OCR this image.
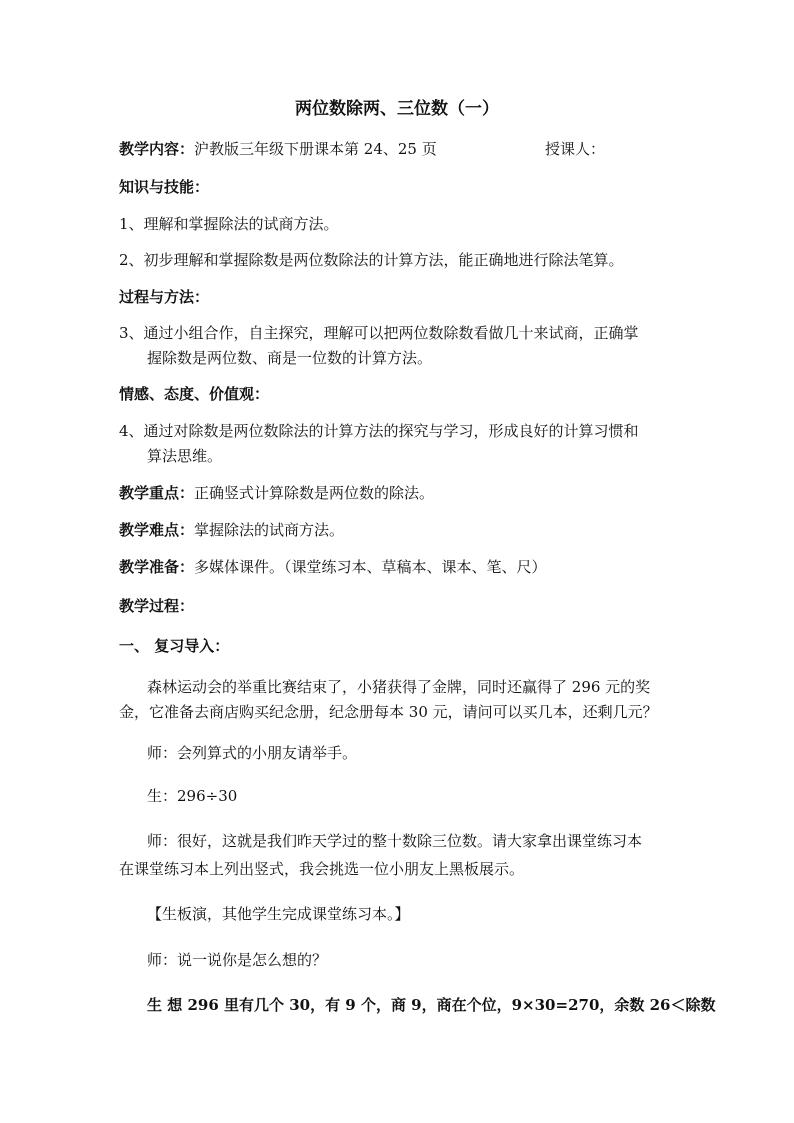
两位数除两、三位数（一）
教学内容：沪教版三年级下册课本第 24、25 页	授课人：
知识与技能：
1、理解和掌握除法的试商方法。
2、初步理解和掌握除数是两位数除法的计算方法，能正确地进行除法笔算。
过程与方法：
3、通过小组合作，自主探究，理解可以把两位数除数看做几十来试商，正确掌
握除数是两位数、商是一位数的计算方法。
情感、态度、价值观：
4、通过对除数是两位数除法的计算方法的探究与学习，形成良好的计算习惯和
算法思维。
教学重点：正确竖式计算除数是两位数的除法。
教学难点：掌握除法的试商方法。
教学准备：多媒体课件。（课堂练习本、草稿本、课本、笔、尺）
教学过程：
一、 复习导入：
森林运动会的举重比赛结束了，小猪获得了金牌，同时还赢得了 296 元的奖
金，它准备去商店购买纪念册，纪念册每本 30 元，请问可以买几本，还剩几元？
师：会列算式的小朋友请举手。
生：296÷30
师：很好，这就是我们昨天学过的整十数除三位数。请大家拿出课堂练习本
在课堂练习本上列出竖式，我会挑选一位小朋友上黑板展示。
【生板演，其他学生完成课堂练习本。】
师：说一说你是怎么想的？
生 想 296 里有几个 30，有 9 个，商 9，商在个位，9×30=270，余数 26＜除数
